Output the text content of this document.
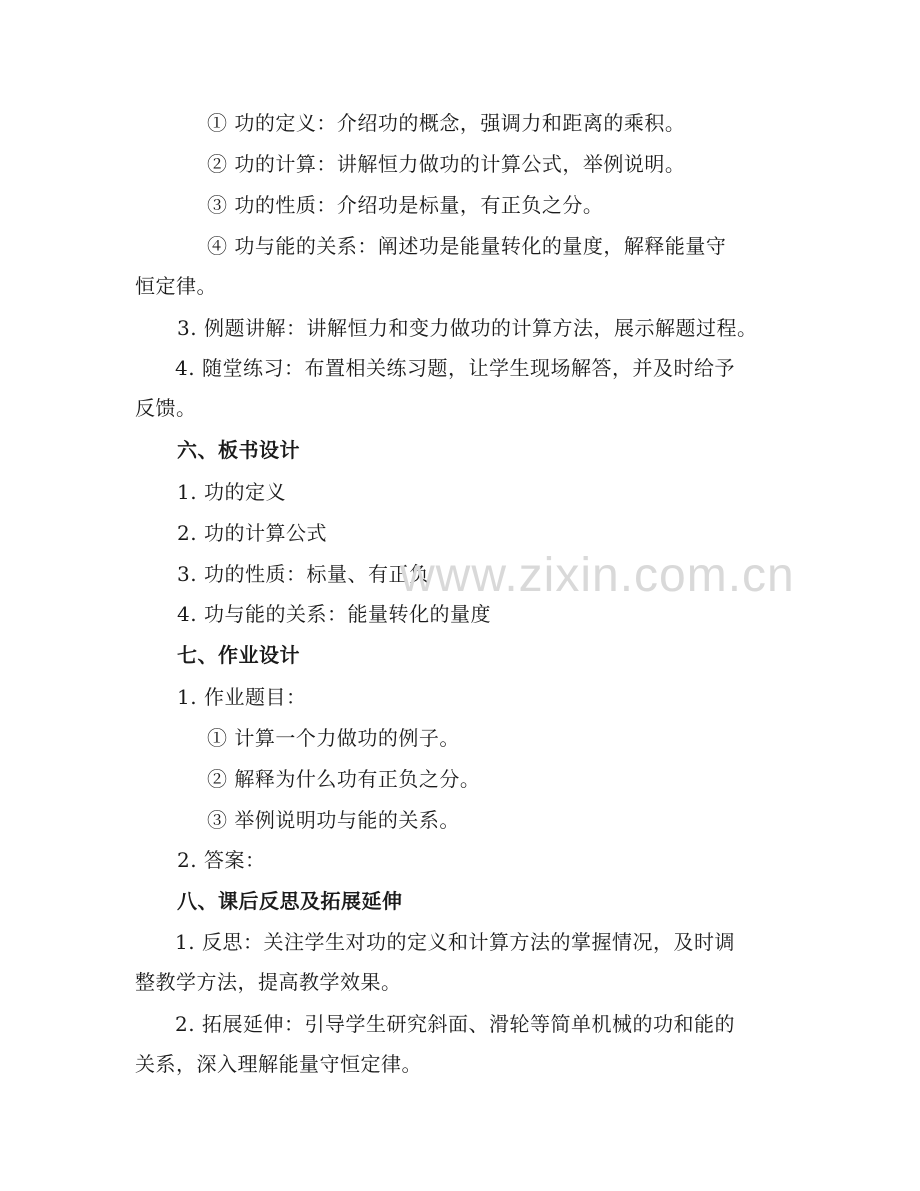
① 功的定义：介绍功的概念，强调力和距离的乘积。
② 功的计算：讲解恒力做功的计算公式，举例说明。
③ 功的性质：介绍功是标量，有正负之分。
④ 功与能的关系：阐述功是能量转化的量度，解释能量守恒定律。
3. 例题讲解：讲解恒力和变力做功的计算方法，展示解题过程。
4. 随堂练习：布置相关练习题，让学生现场解答，并及时给予反馈。
六、板书设计
1. 功的定义
2. 功的计算公式
3. 功的性质：标量、有正负
4. 功与能的关系：能量转化的量度
七、作业设计
1. 作业题目：
① 计算一个力做功的例子。
② 解释为什么功有正负之分。
③ 举例说明功与能的关系。
2. 答案：
八、课后反思及拓展延伸
1. 反思：关注学生对功的定义和计算方法的掌握情况，及时调整教学方法，提高教学效果。
2. 拓展延伸：引导学生研究斜面、滑轮等简单机械的功和能的关系，深入理解能量守恒定律。
www.zixin.com.cn
